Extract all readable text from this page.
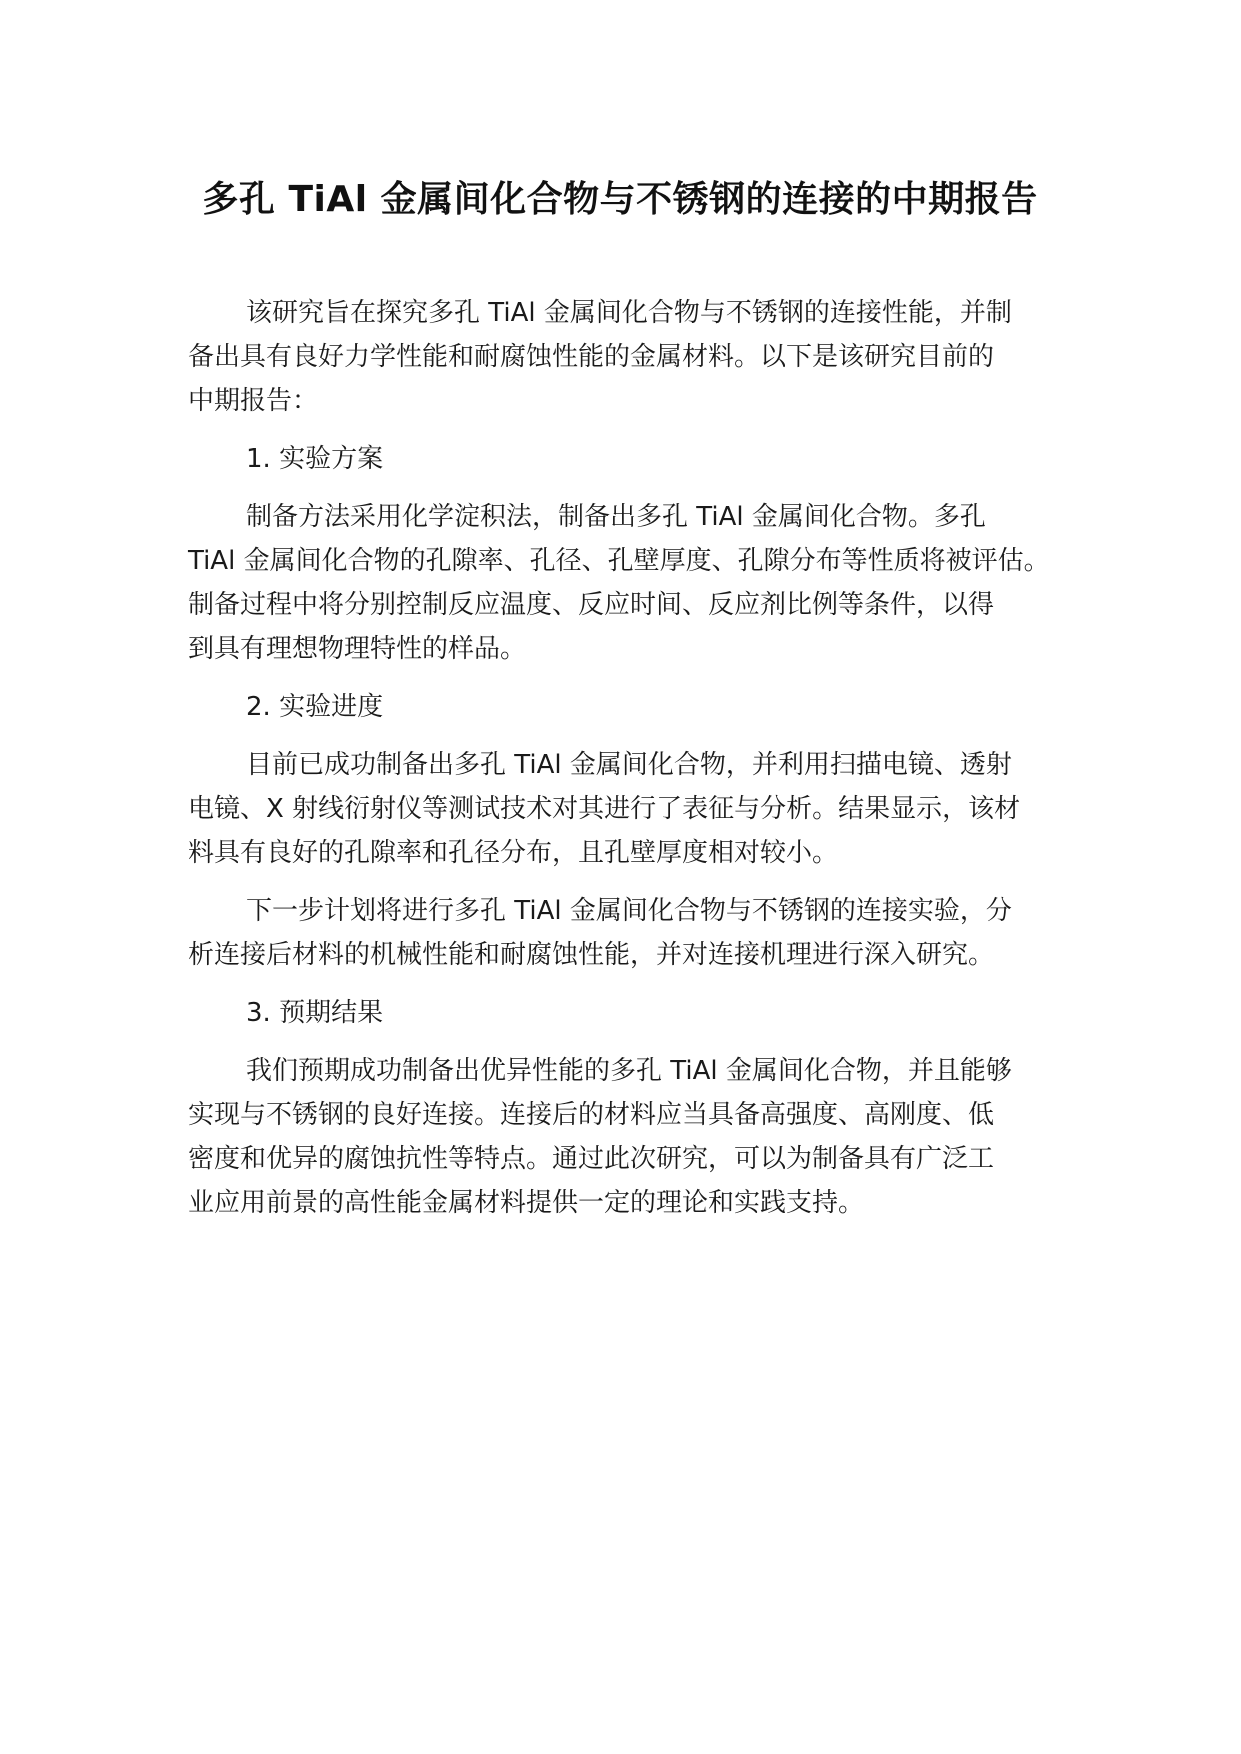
多孔 TiAl 金属间化合物与不锈钢的连接的中期报告
该研究旨在探究多孔 TiAl 金属间化合物与不锈钢的连接性能，并制
备出具有良好力学性能和耐腐蚀性能的金属材料。以下是该研究目前的
中期报告：
1. 实验方案
制备方法采用化学淀积法，制备出多孔 TiAl 金属间化合物。多孔
TiAl 金属间化合物的孔隙率、孔径、孔壁厚度、孔隙分布等性质将被评估。
制备过程中将分别控制反应温度、反应时间、反应剂比例等条件，以得
到具有理想物理特性的样品。
2. 实验进度
目前已成功制备出多孔 TiAl 金属间化合物，并利用扫描电镜、透射
电镜、X 射线衍射仪等测试技术对其进行了表征与分析。结果显示，该材
料具有良好的孔隙率和孔径分布，且孔壁厚度相对较小。
下一步计划将进行多孔 TiAl 金属间化合物与不锈钢的连接实验，分
析连接后材料的机械性能和耐腐蚀性能，并对连接机理进行深入研究。
3. 预期结果
我们预期成功制备出优异性能的多孔 TiAl 金属间化合物，并且能够
实现与不锈钢的良好连接。连接后的材料应当具备高强度、高刚度、低
密度和优异的腐蚀抗性等特点。通过此次研究，可以为制备具有广泛工
业应用前景的高性能金属材料提供一定的理论和实践支持。
